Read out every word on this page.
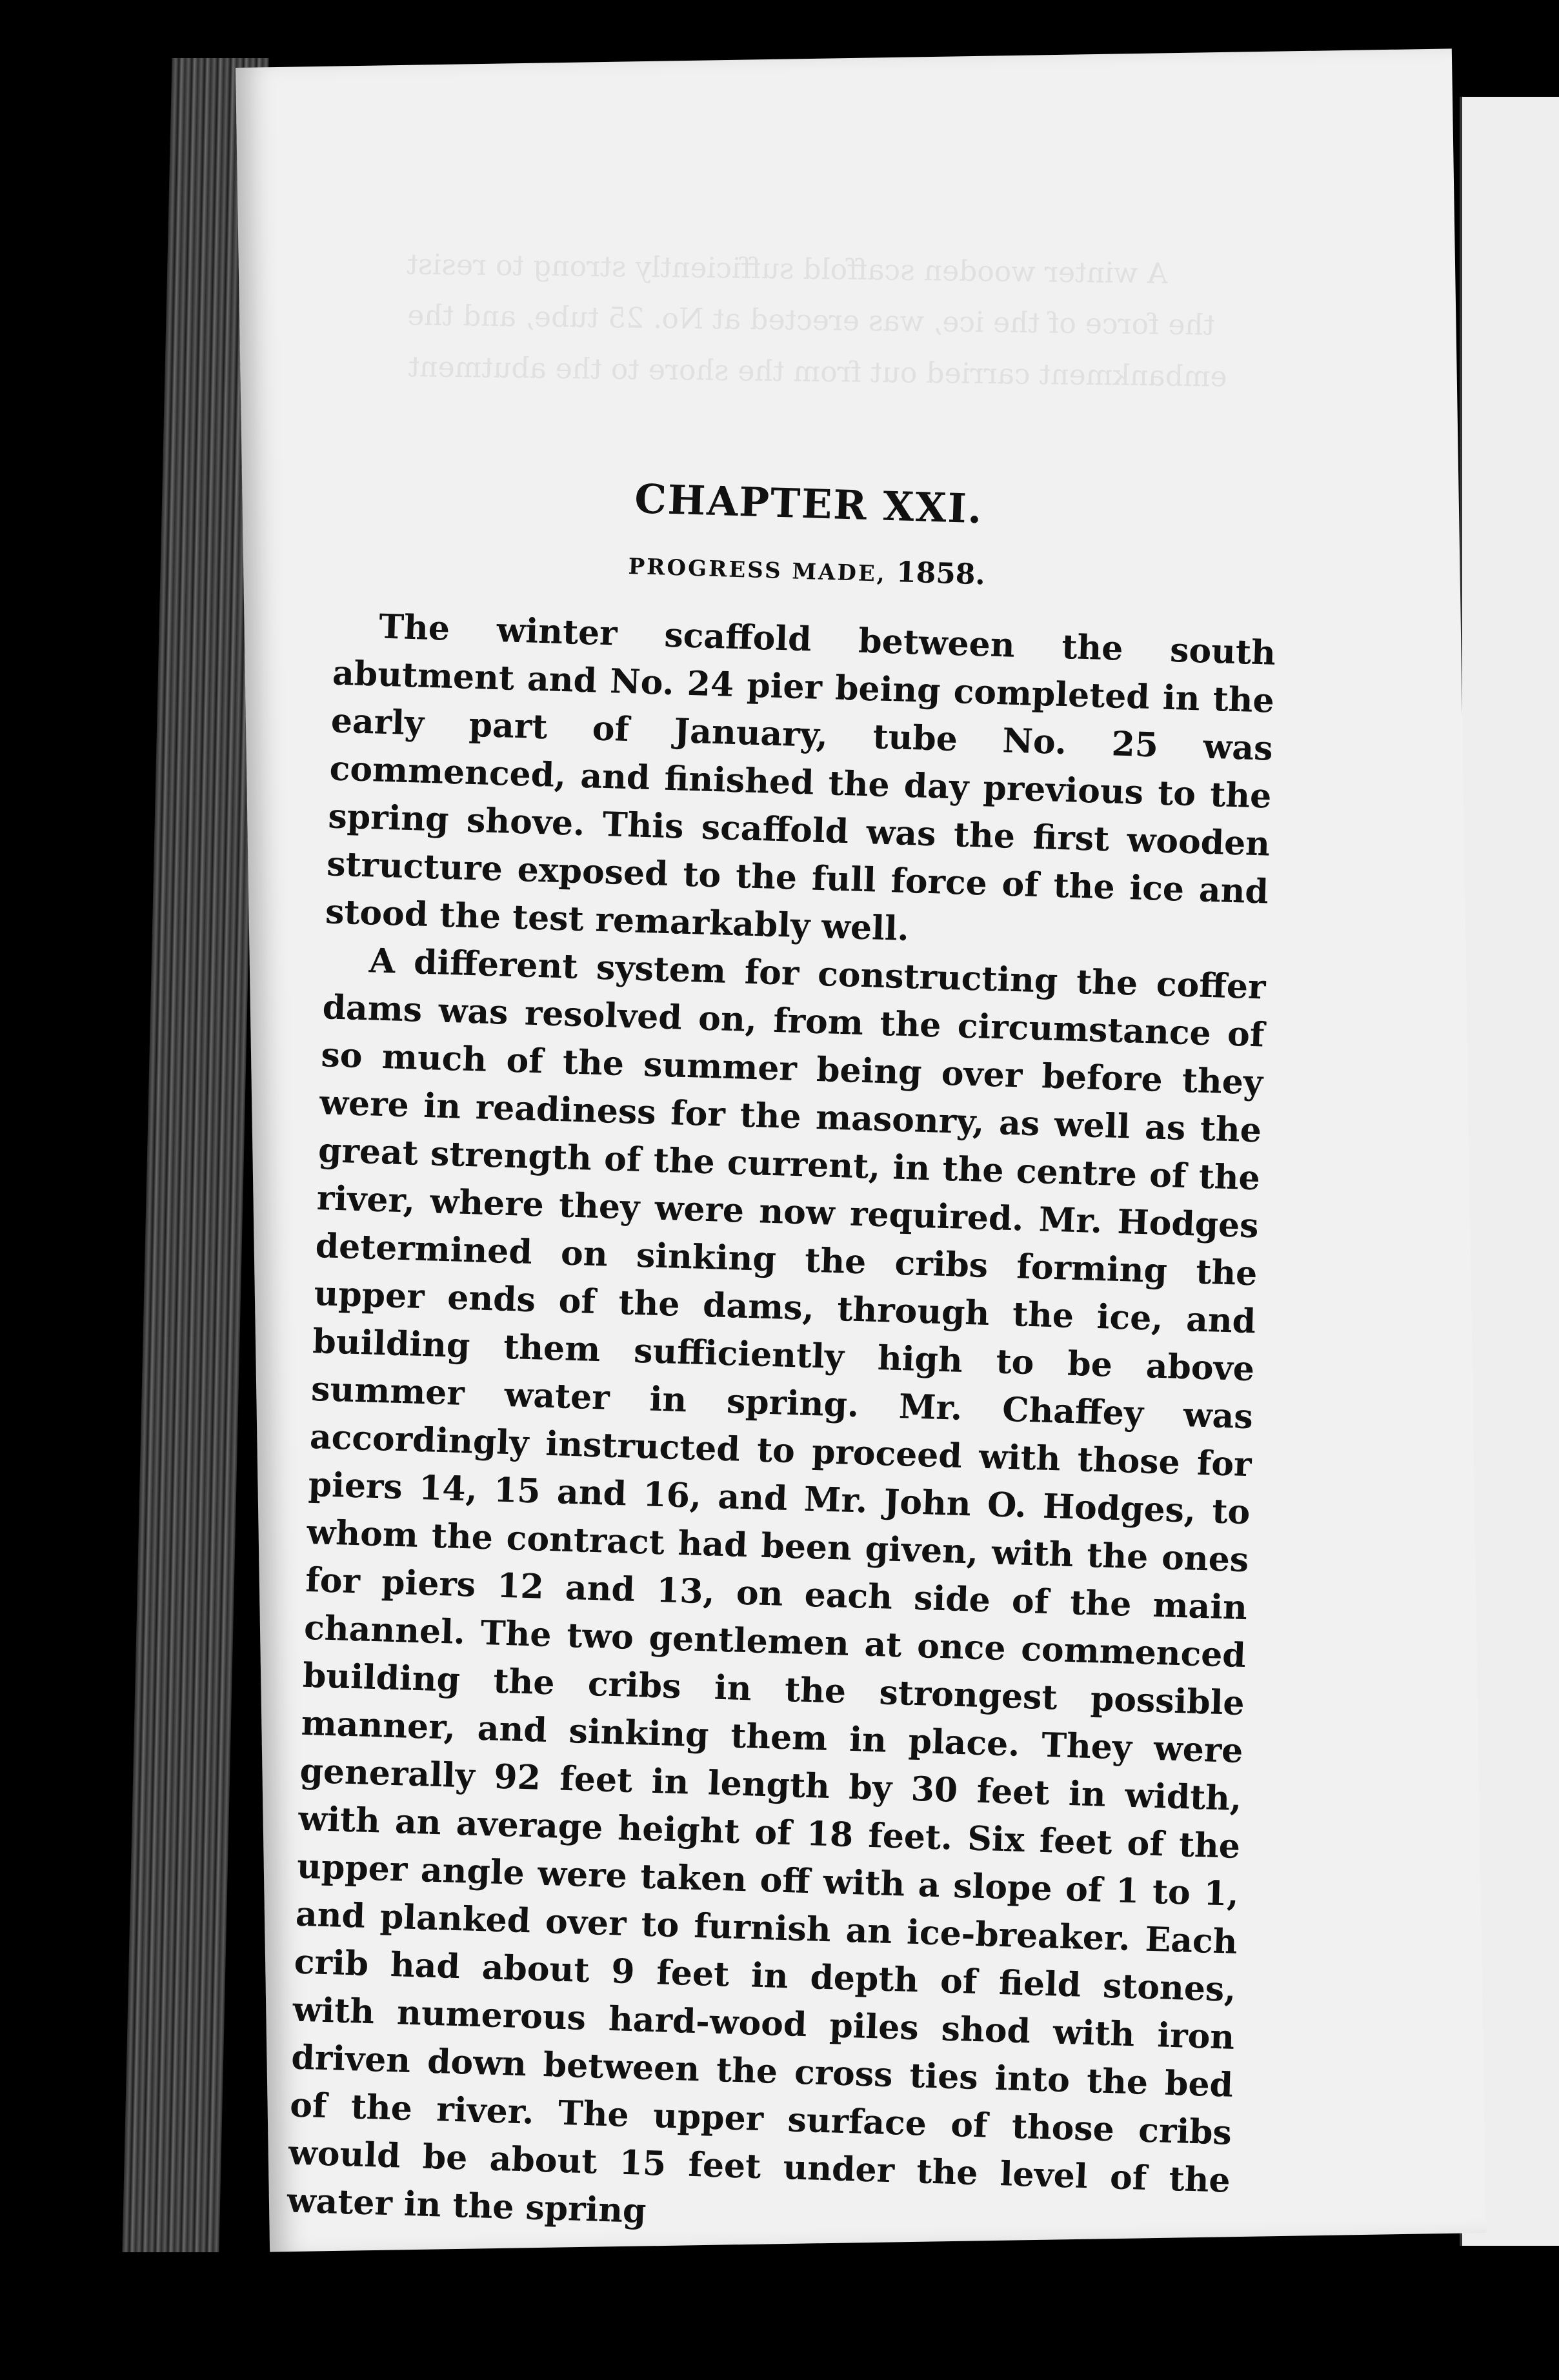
A winter wooden scaffold sufficiently strong to resist
the force of the ice, was erected at No. 25 tube, and the
embankment carried out from the shore to the abutment
CHAPTER XXI.
PROGRESS MADE, 1858.

The winter scaffold between the south abutment and No. 24 pier being completed in the early part of January, tube No. 25 was commenced, and finished the day previous to the spring shove. This scaffold was the first wooden structure exposed to the full force of the ice and stood the test remarkably well.

A different system for constructing the coffer dams was resolved on, from the circumstance of so much of the summer being over before they were in readiness for the masonry, as well as the great strength of the current, in the centre of the river, where they were now required. Mr. Hodges determined on sinking the cribs forming the upper ends of the dams, through the ice, and building them sufficiently high to be above summer water in spring. Mr. Chaffey was accordingly instructed to proceed with those for piers 14, 15 and 16, and Mr. John O. Hodges, to whom the contract had been given, with the ones for piers 12 and 13, on each side of the main channel. The two gentlemen at once commenced building the cribs in the strongest possible manner, and sinking them in place. They were generally 92 feet in length by 30 feet in width, with an average height of 18 feet. Six feet of the upper angle were taken off with a slope of 1 to 1, and planked over to furnish an ice-breaker. Each crib had about 9 feet in depth of field stones, with numerous hard-wood piles shod with iron driven down between the cross ties into the bed of the river. The upper surface of those cribs would be about 15 feet under the level of the water in the spring
